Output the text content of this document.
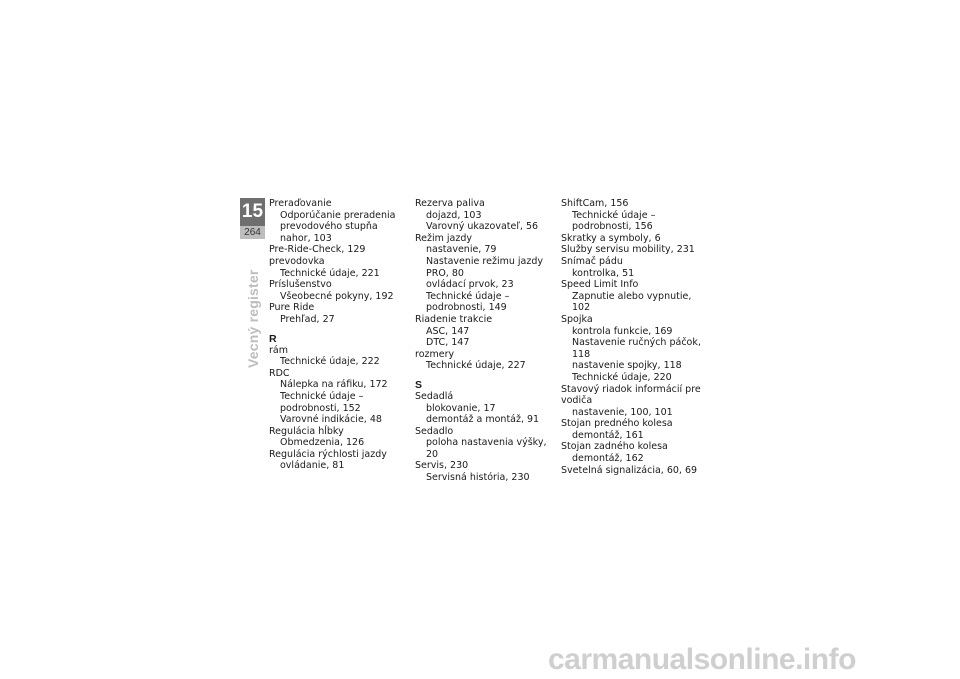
15
264
Vecný register
Preraďovanie
Odporúčanie preradenia prevodového stupňa nahor, 103
Pre-Ride-Check, 129
prevodovka
Technické údaje, 221
Príslušenstvo
Všeobecné pokyny, 192
Pure Ride
Prehľad, 27
R
rám
Technické údaje, 222
RDC
Nálepka na ráfiku, 172
Technické údaje – podrobnosti, 152
Varovné indikácie, 48
Regulácia hĺbky
Obmedzenia, 126
Regulácia rýchlosti jazdy
ovládanie, 81
Rezerva paliva
dojazd, 103
Varovný ukazovateľ, 56
Režim jazdy
nastavenie, 79
Nastavenie režimu jazdy PRO, 80
ovládací prvok, 23
Technické údaje – podrobnosti, 149
Riadenie trakcie
ASC, 147
DTC, 147
rozmery
Technické údaje, 227
S
Sedadlá
blokovanie, 17
demontáž a montáž, 91
Sedadlo
poloha nastavenia výšky, 20
Servis, 230
Servisná história, 230
ShiftCam, 156
Technické údaje – podrobnosti, 156
Skratky a symboly, 6
Služby servisu mobility, 231
Snímač pádu
kontrolka, 51
Speed Limit Info
Zapnutie alebo vypnutie, 102
Spojka
kontrola funkcie, 169
Nastavenie ručných páčok, 118
nastavenie spojky, 118
Technické údaje, 220
Stavový riadok informácií pre vodiča
nastavenie, 100, 101
Stojan predného kolesa
demontáž, 161
Stojan zadného kolesa
demontáž, 162
Svetelná signalizácia, 60, 69
carmanualsonline.info
